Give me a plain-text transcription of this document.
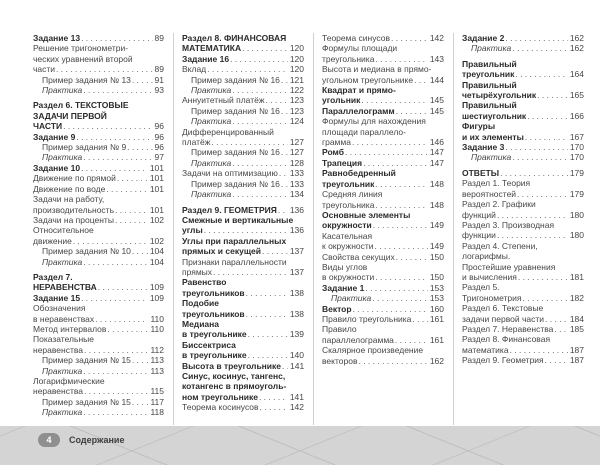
Задание 13 . . .	89
Решение тригонометри-
ческих уравнений второй
части . . .	89
Пример задания № 13 . . .	91
Практика . . .	93
Раздел 6. ТЕКСТОВЫЕ
ЗАДАЧИ ПЕРВОЙ
ЧАСТИ . . .	96
Задание 9 . . .	96
Пример задания № 9 . . .	96
Практика . . .	97
Задание 10 . . .	101
Движение по прямой . . .	101
Движение по воде . . .	101
Задачи на работу,
производительность . . .	101
Задачи на проценты . . .	102
Относительное
движение . . .	102
Пример задания № 10 . . . 104
Практика . . .	104
Раздел 7.
НЕРАВЕНСТВА . . .	109
Задание 15 . . .	109
Обозначения
в неравенствах . . .	110
Метод интервалов . . .	110
Показательные
неравенства . . .	112
Пример задания № 15 . . . 113
Практика . . .	113
Логарифмические
неравенства . . .	115
Пример задания № 15 . . . 117
Практика . . .	118
Раздел 8. ФИНАНСОВАЯ
МАТЕМАТИКА . . .	120
Задание 16 . . .	120
Вклад . . .	120
Пример задания № 16 . . . 121
Практика . . .	122
Аннуитетный платёж . . .	123
Пример задания № 16 . . . 123
Практика . . .	124
Дифференцированный
платёж . . .	127
Пример задания № 16 . . . 127
Практика . . .	128
Задачи на оптимизацию . . . 133
Пример задания № 16 . . . 133
Практика . . .	134
Раздел 9. ГЕОМЕТРИЯ . . . 136
Смежные и вертикальные
углы . . .	136
Углы при параллельных
прямых и секущей . . .	137
Признаки параллельности
прямых . . .	137
Равенство
треугольников . . .	138
Подобие
треугольников . . .	138
Медиана
в треугольнике . . .	139
Биссектриса
в треугольнике . . .	140
Высота в треугольнике . . . 141
Синус, косинус, тангенс,
котангенс в прямоуголь-
ном треугольнике . . .	141
Теорема косинусов . . .	142
Теорема синусов . . .	142
Формулы площади
треугольника . . .	143
Высота и медиана в прямо-
угольном треугольнике . . . 144
Квадрат и прямо-
угольник . . .	145
Параллелограмм . . .	145
Формулы для нахождения
площади параллело-
грамма . . .	146
Ромб . . .	147
Трапеция . . .	147
Равнобедренный
треугольник . . .	148
Средняя линия
треугольника . . .	148
Основные элементы
окружности . . .	149
Касательная
к окружности . . .	149
Свойства секущих . . .	150
Виды углов
в окружности . . .	150
Задание 1 . . .	153
Практика . . .	153
Вектор . . .	160
Правило треугольника . . . 161
Правило
параллелограмма . . .	161
Скалярное произведение
векторов . . .	162
Задание 2 . . .	162
Практика . . .	162
Правильный
треугольник . . .	164
Правильный
четырёхугольник . . .	165
Правильный
шестиугольник . . .	166
Фигуры
и их элементы . . .	167
Задание 3 . . .	170
Практика . . .	170
ОТВЕТЫ . . .	179
Раздел 1. Теория
вероятностей . . .	179
Раздел 2. Графики
функций . . .	180
Раздел 3. Производная
функции . . .	180
Раздел 4. Степени,
логарифмы.
Простейшие уравнения
и вычисления . . .	181
Раздел 5.
Тригонометрия . . .	182
Раздел 6. Текстовые
задачи первой части . . .	184
Раздел 7. Неравенства . . . 185
Раздел 8. Финансовая
математика . . .	187
Раздел 9. Геометрия . . .	187
4	Содержание
